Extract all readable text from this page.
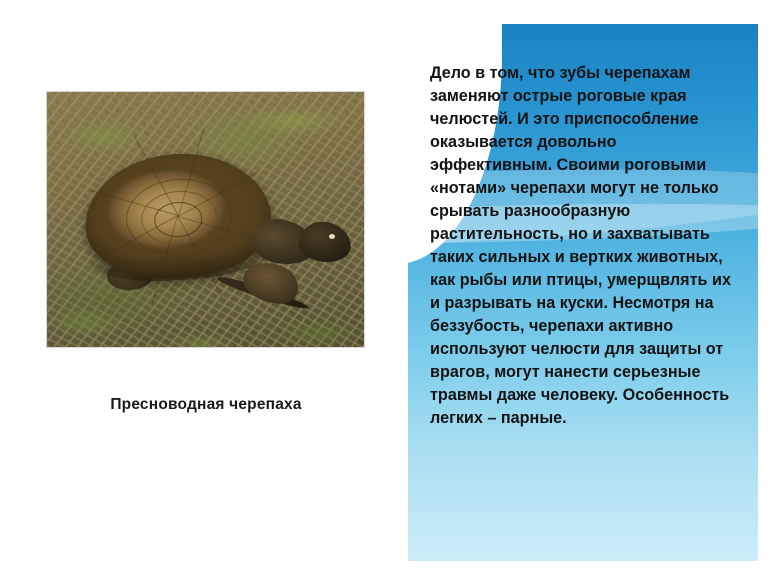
Пресноводная черепаха
Дело в том, что зубы черепахам заменяют острые роговые края челюстей. И это приспособление оказывается довольно эффективным. Своими роговыми «нотами» черепахи могут не только срывать разнообразную растительность, но и захватывать таких сильных и вертких животных, как рыбы или птицы, умерщвлять их и разрывать на куски. Несмотря на беззубость, черепахи активно используют челюсти для защиты от врагов, могут нанести серьезные травмы даже человеку. Особенность легких – парные.
